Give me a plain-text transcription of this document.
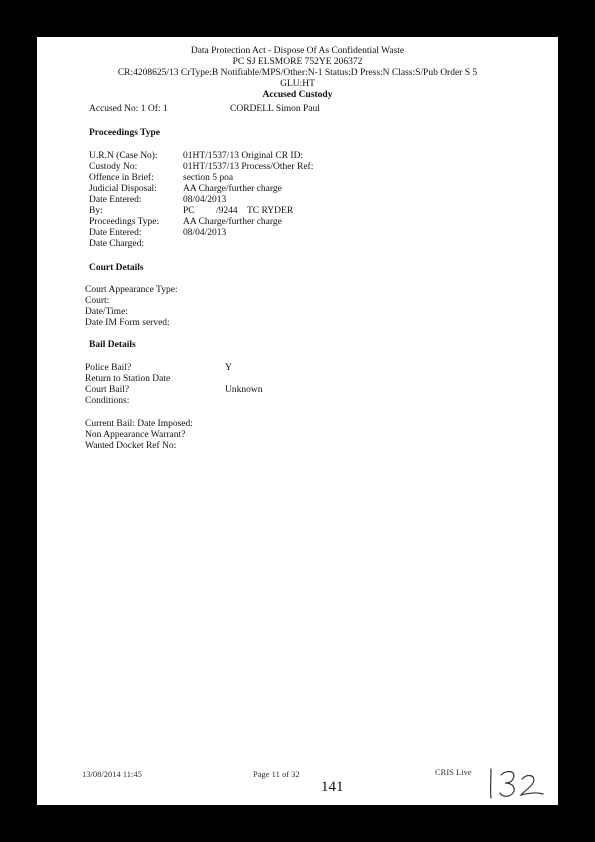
Data Protection Act - Dispose Of As Confidential Waste
PC SJ ELSMORE 752YE 206372
CR:4208625/13 CrType:B Notifiable/MPS/Other:N-1 Status:D Press:N Class:S/Pub Order S 5
GLU:HT
Accused Custody
Accused No: 1 Of: 1	CORDELL Simon Paul
Proceedings Type
U.R.N (Case No):	01HT/1537/13 Original CR ID:
Custody No:	01HT/1537/13 Process/Other Ref:
Offence in Brief:	section 5 poa
Judicial Disposal:	AA Charge/further charge
Date Entered:	08/04/2013
By:	PC         /9244    TC RYDER
Proceedings Type:	AA Charge/further charge
Date Entered:	08/04/2013
Date Charged:
Court Details
Court Appearance Type:
Court:
Date/Time:
Date IM Form served:
Bail Details
Police Bail?	Y
Return to Station Date
Court Bail?	Unknown
Conditions:
Current Bail: Date Imposed:
Non Appearance Warrant?
Wanted Docket Ref No:
13/08/2014 11:45	Page 11 of 32	CRIS Live
141
